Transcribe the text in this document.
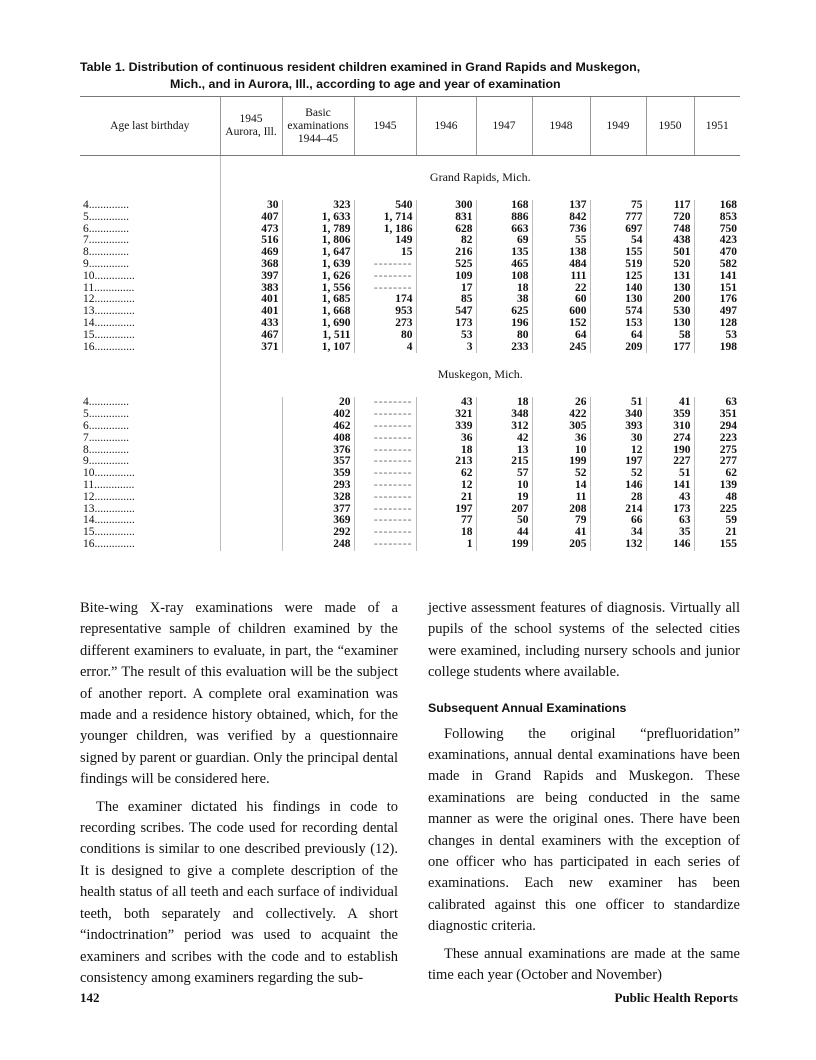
Table 1. Distribution of continuous resident children examined in Grand Rapids and Muskegon,
Mich., and in Aurora, Ill., according to age and year of examination
Age last birthday	1945 Aurora, Ill.	Basic examinations 1944–45	1945	1946	1947	1948	1949	1950	1951
	Grand Rapids, Mich.								
4..............	30	323	540	300	168	137	75	117	168
5..............	407	1, 633	1, 714	831	886	842	777	720	853
6..............	473	1, 789	1, 186	628	663	736	697	748	750
7..............	516	1, 806	149	82	69	55	54	438	423
8..............	469	1, 647	15	216	135	138	155	501	470
9..............	368	1, 639	--------	525	465	484	519	520	582
10..............	397	1, 626	--------	109	108	111	125	131	141
11..............	383	1, 556	--------	17	18	22	140	130	151
12..............	401	1, 685	174	85	38	60	130	200	176
13..............	401	1, 668	953	547	625	600	574	530	497
14..............	433	1, 690	273	173	196	152	153	130	128
15..............	467	1, 511	80	53	80	64	64	58	53
16..............	371	1, 107	4	3	233	245	209	177	198
	Muskegon, Mich.								
4..............		20	--------	43	18	26	51	41	63
5..............		402	--------	321	348	422	340	359	351
6..............		462	--------	339	312	305	393	310	294
7..............		408	--------	36	42	36	30	274	223
8..............		376	--------	18	13	10	12	190	275
9..............		357	--------	213	215	199	197	227	277
10..............		359	--------	62	57	52	52	51	62
11..............		293	--------	12	10	14	146	141	139
12..............		328	--------	21	19	11	28	43	48
13..............		377	--------	197	207	208	214	173	225
14..............		369	--------	77	50	79	66	63	59
15..............		292	--------	18	44	41	34	35	21
16..............		248	--------	1	199	205	132	146	155

Bite-wing X-ray examinations were made of a representative sample of children examined by the different examiners to evaluate, in part, the “examiner error.” The result of this evaluation will be the subject of another report. A complete oral examination was made and a residence history obtained, which, for the younger children, was verified by a questionnaire signed by parent or guardian. Only the principal dental findings will be considered here.

The examiner dictated his findings in code to recording scribes. The code used for recording dental conditions is similar to one described previously (12). It is designed to give a complete description of the health status of all teeth and each surface of individual teeth, both separately and collectively. A short “indoctrination” period was used to acquaint the examiners and scribes with the code and to establish consistency among examiners regarding the sub-

jective assessment features of diagnosis. Virtually all pupils of the school systems of the selected cities were examined, including nursery schools and junior college students where available.

Subsequent Annual Examinations

Following the original “prefluoridation” examinations, annual dental examinations have been made in Grand Rapids and Muskegon. These examinations are being conducted in the same manner as were the original ones. There have been changes in dental examiners with the exception of one officer who has participated in each series of examinations. Each new examiner has been calibrated against this one officer to standardize diagnostic criteria.

These annual examinations are made at the same time each year (October and November)

142	Public Health Reports
